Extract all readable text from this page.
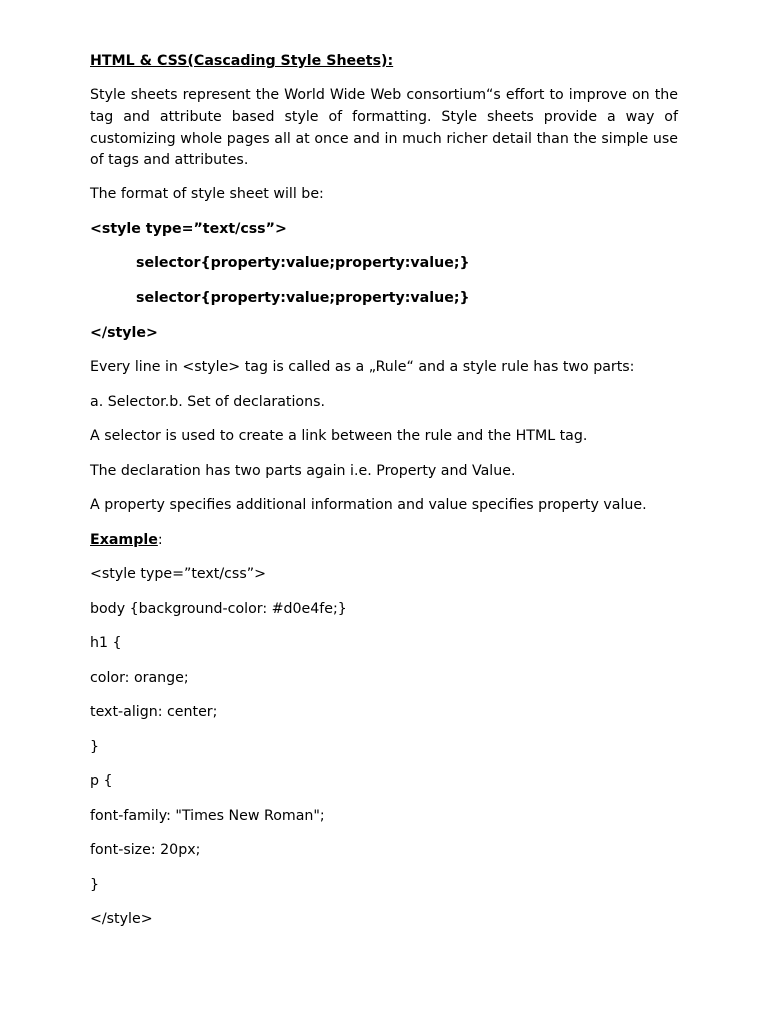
HTML & CSS(Cascading Style Sheets):
Style sheets represent the World Wide Web consortium“s effort to improve on the tag and attribute based style of formatting. Style sheets provide a way of customizing whole pages all at once and in much richer detail than the simple use of tags and attributes.
The format of style sheet will be:
<style type=”text/css”>
selector{property:value;property:value;}
selector{property:value;property:value;}
</style>
Every line in <style> tag is called as a „Rule“ and a style rule has two parts:
a. Selector.b. Set of declarations.
A selector is used to create a link between the rule and the HTML tag.
The declaration has two parts again i.e. Property and Value.
A property specifies additional information and value specifies property value.
Example:
<style type=”text/css”>
body {background-color: #d0e4fe;}
h1 {
color: orange;
text-align: center;
}
p {
font-family: "Times New Roman";
font-size: 20px;
}
</style>
